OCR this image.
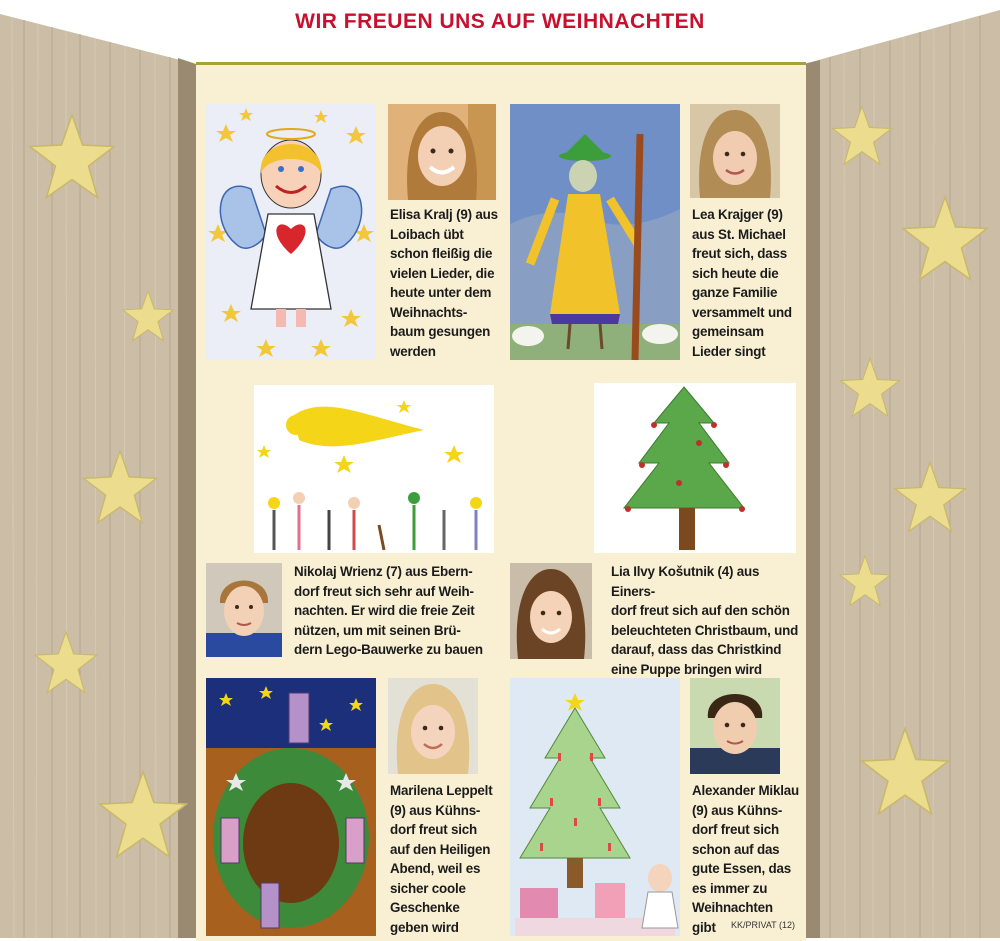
WIR FREUEN UNS AUF WEIHNACHTEN
Elisa Kralj (9) aus
Loibach übt
schon fleißig die
vielen Lieder, die
heute unter dem
Weihnachts-
baum gesungen
werden
Lea Krajger (9)
aus St. Michael
freut sich, dass
sich heute die
ganze Familie
versammelt und
gemeinsam
Lieder singt
Nikolaj Wrienz (7) aus Ebern-
dorf freut sich sehr auf Weih-
nachten. Er wird die freie Zeit
nützen, um mit seinen Brü-
dern Lego-Bauwerke zu bauen
Lia Ilvy Košutnik (4) aus Einers-
dorf freut sich auf den schön
beleuchteten Christbaum, und
darauf, dass das Christkind
eine Puppe bringen wird
Marilena Leppelt
(9) aus Kühns-
dorf freut sich
auf den Heiligen
Abend, weil es
sicher coole
Geschenke
geben wird
Alexander Miklau
(9) aus Kühns-
dorf freut sich
schon auf das
gute Essen, das
es immer zu
Weihnachten
gibt	KK/PRIVAT (12)
